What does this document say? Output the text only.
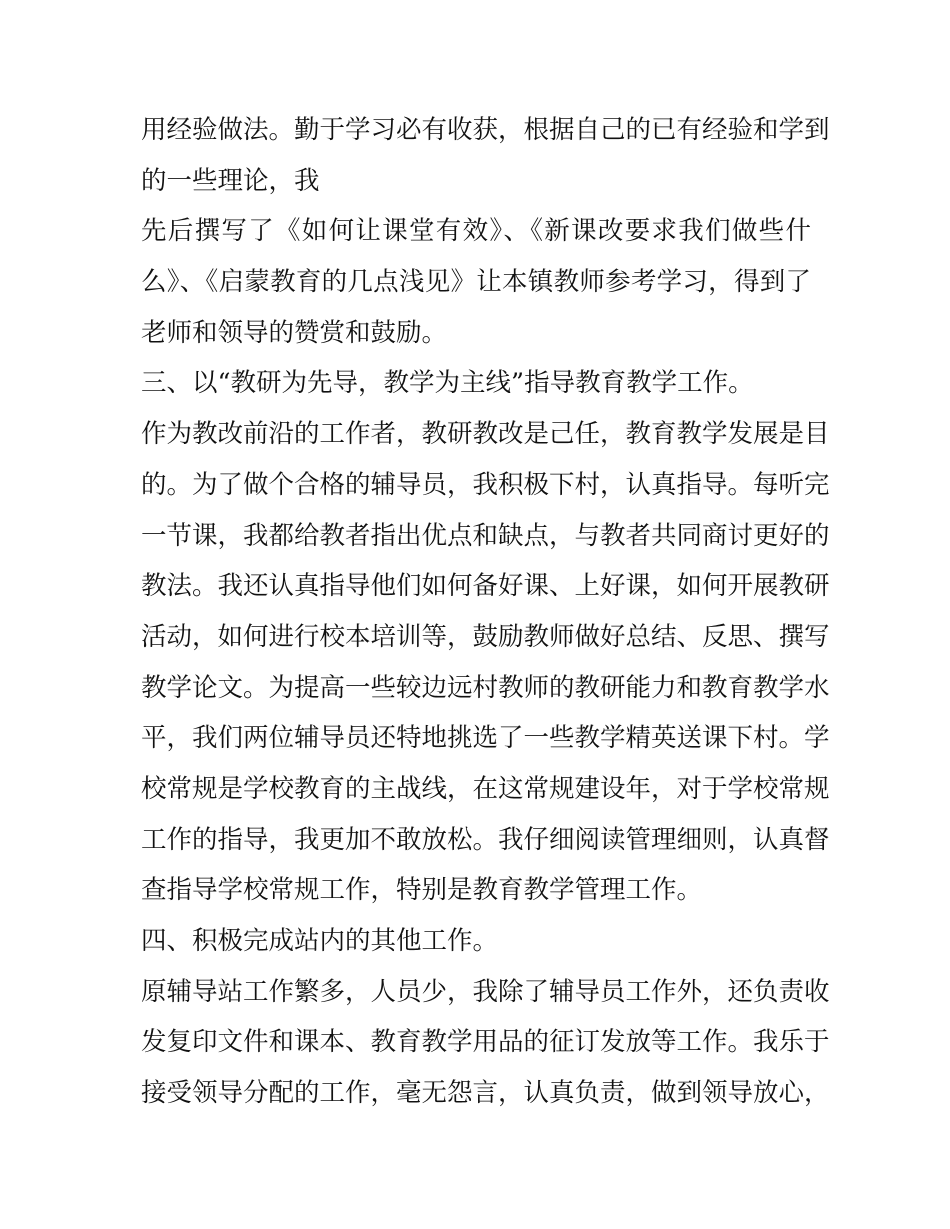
用经验做法。勤于学习必有收获，根据自己的已有经验和学到
的一些理论，我
先后撰写了《如何让课堂有效》、《新课改要求我们做些什
么》、《启蒙教育的几点浅见》让本镇教师参考学习，得到了
老师和领导的赞赏和鼓励。
三、以“教研为先导，教学为主线”指导教育教学工作。
作为教改前沿的工作者，教研教改是己任，教育教学发展是目
的。为了做个合格的辅导员，我积极下村，认真指导。每听完
一节课，我都给教者指出优点和缺点，与教者共同商讨更好的
教法。我还认真指导他们如何备好课、上好课，如何开展教研
活动，如何进行校本培训等，鼓励教师做好总结、反思、撰写
教学论文。为提高一些较边远村教师的教研能力和教育教学水
平，我们两位辅导员还特地挑选了一些教学精英送课下村。学
校常规是学校教育的主战线，在这常规建设年，对于学校常规
工作的指导，我更加不敢放松。我仔细阅读管理细则，认真督
查指导学校常规工作，特别是教育教学管理工作。
四、积极完成站内的其他工作。
原辅导站工作繁多，人员少，我除了辅导员工作外，还负责收
发复印文件和课本、教育教学用品的征订发放等工作。我乐于
接受领导分配的工作，毫无怨言，认真负责，做到领导放心，
